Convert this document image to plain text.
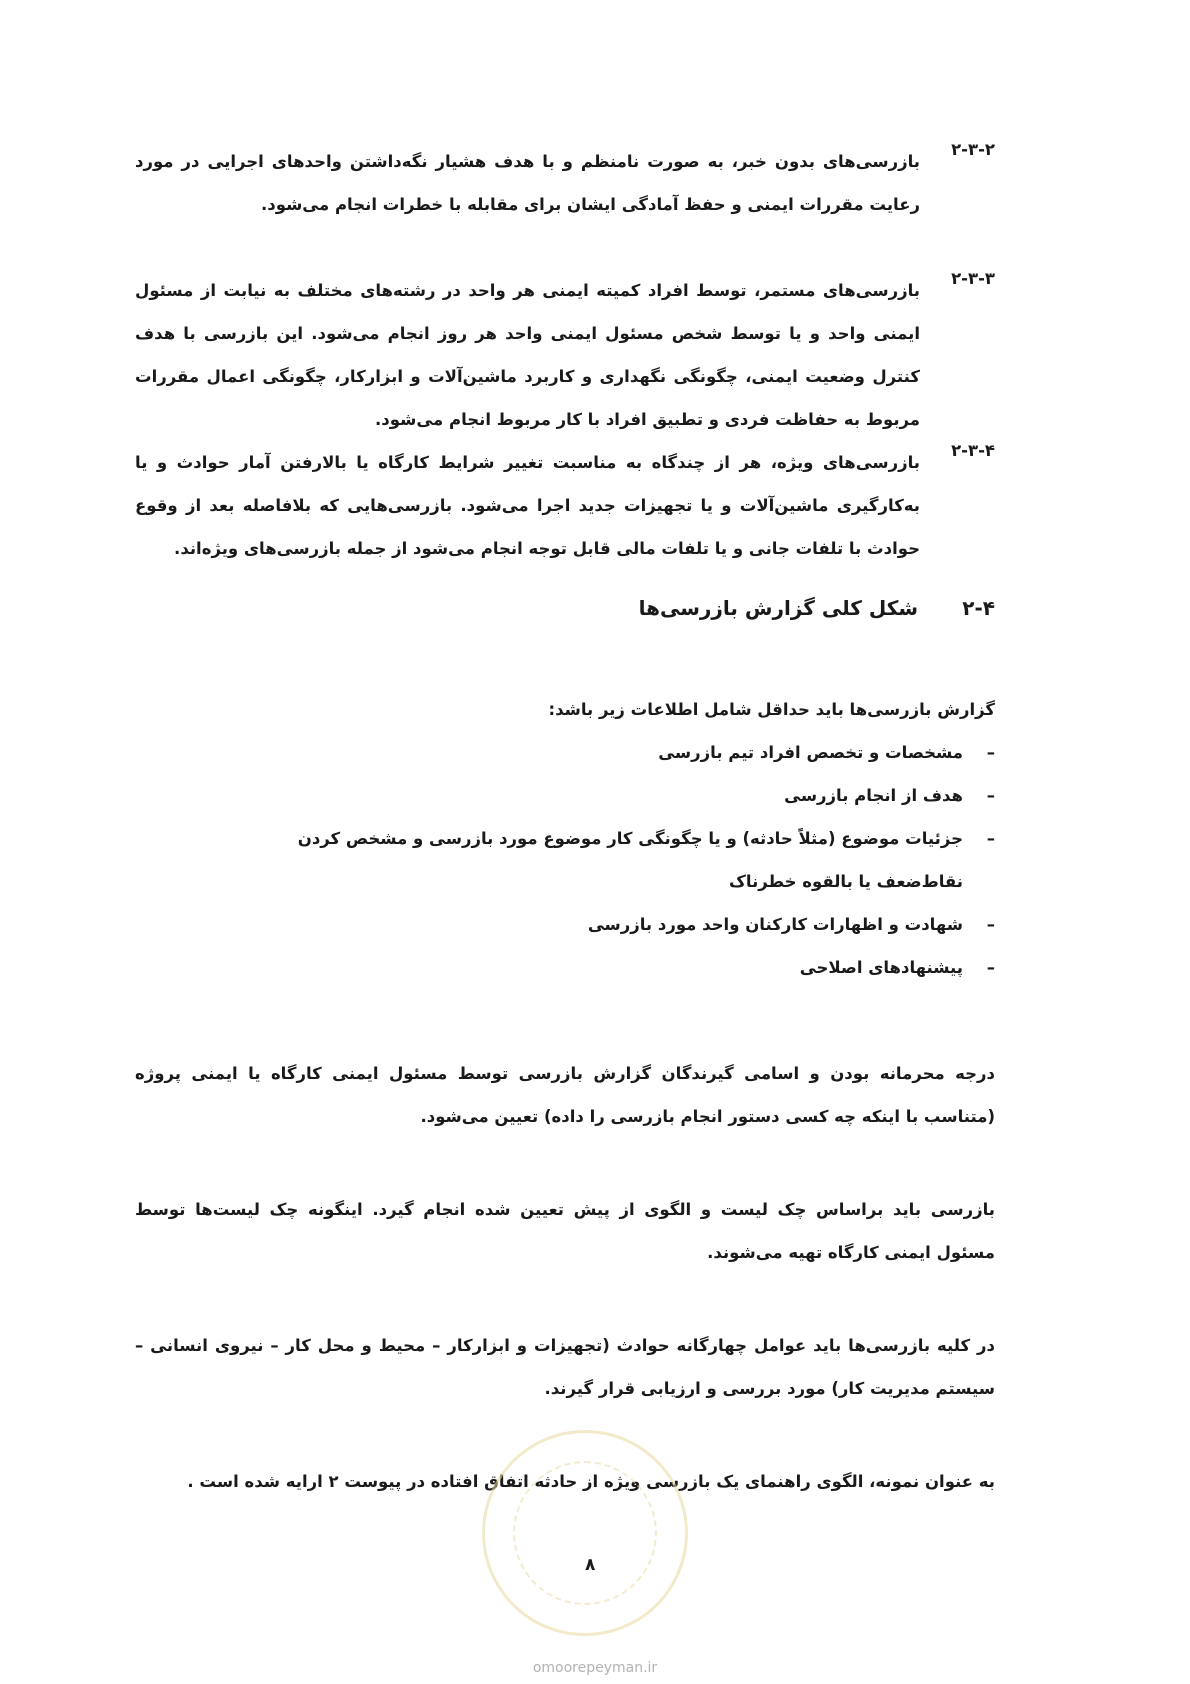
۲-۳-۲
بازرسی‌های بدون خبر، به صورت نامنظم و با هدف هشیار نگه‌داشتن واحدهای اجرایی در مورد رعایت مقررات ایمنی و حفظ آمادگی ایشان برای مقابله با خطرات انجام می‌شود.
۲-۳-۳
بازرسی‌های مستمر، توسط افراد کمیته ایمنی هر واحد در رشته‌های مختلف به نیابت از مسئول ایمنی واحد و یا توسط شخص مسئول ایمنی واحد هر روز انجام می‌شود. این بازرسی با هدف کنترل وضعیت ایمنی، چگونگی نگهداری و کاربرد ماشین‌آلات و ابزارکار، چگونگی اعمال مقررات مربوط به حفاظت فردی و تطبیق افراد با کار مربوط انجام می‌شود.
۲-۳-۴
بازرسی‌های ویژه، هر از چندگاه به مناسبت تغییر شرایط کارگاه یا بالارفتن آمار حوادث و یا به‌کارگیری ماشین‌آلات و یا تجهیزات جدید اجرا می‌شود. بازرسی‌هایی که بلافاصله بعد از وقوع حوادث با تلفات جانی و یا تلفات مالی قابل توجه انجام می‌شود از جمله بازرسی‌های ویژه‌اند.
۲-۴ شکل کلی گزارش بازرسی‌ها
گزارش بازرسی‌ها باید حداقل شامل اطلاعات زیر باشد:
–
مشخصات و تخصص افراد تیم بازرسی
–
هدف از انجام بازرسی
–
جزئیات موضوع (مثلاً حادثه) و یا چگونگی کار موضوع مورد بازرسی و مشخص کردن نقاط‌ضعف یا بالقوه خطرناک
–
شهادت و اظهارات کارکنان واحد مورد بازرسی
–
پیشنهادهای اصلاحی
درجه محرمانه بودن و اسامی گیرندگان گزارش بازرسی توسط مسئول ایمنی کارگاه یا ایمنی پروژه (متناسب با اینکه چه کسی دستور انجام بازرسی را داده) تعیین می‌شود.
بازرسی باید براساس چک لیست و الگوی از پیش تعیین شده انجام گیرد. اینگونه چک لیست‌ها توسط مسئول ایمنی کارگاه تهیه می‌شوند.
در کلیه بازرسی‌ها باید عوامل چهارگانه حوادث (تجهیزات و ابزارکار – محیط و محل کار – نیروی انسانی – سیستم مدیریت کار) مورد بررسی و ارزیابی قرار گیرند.
به عنوان نمونه، الگوی راهنمای یک بازرسی ویژه از حادثه اتفاق افتاده در پیوست ۲ ارایه شده است .
۸
omoorepeyman.ir
